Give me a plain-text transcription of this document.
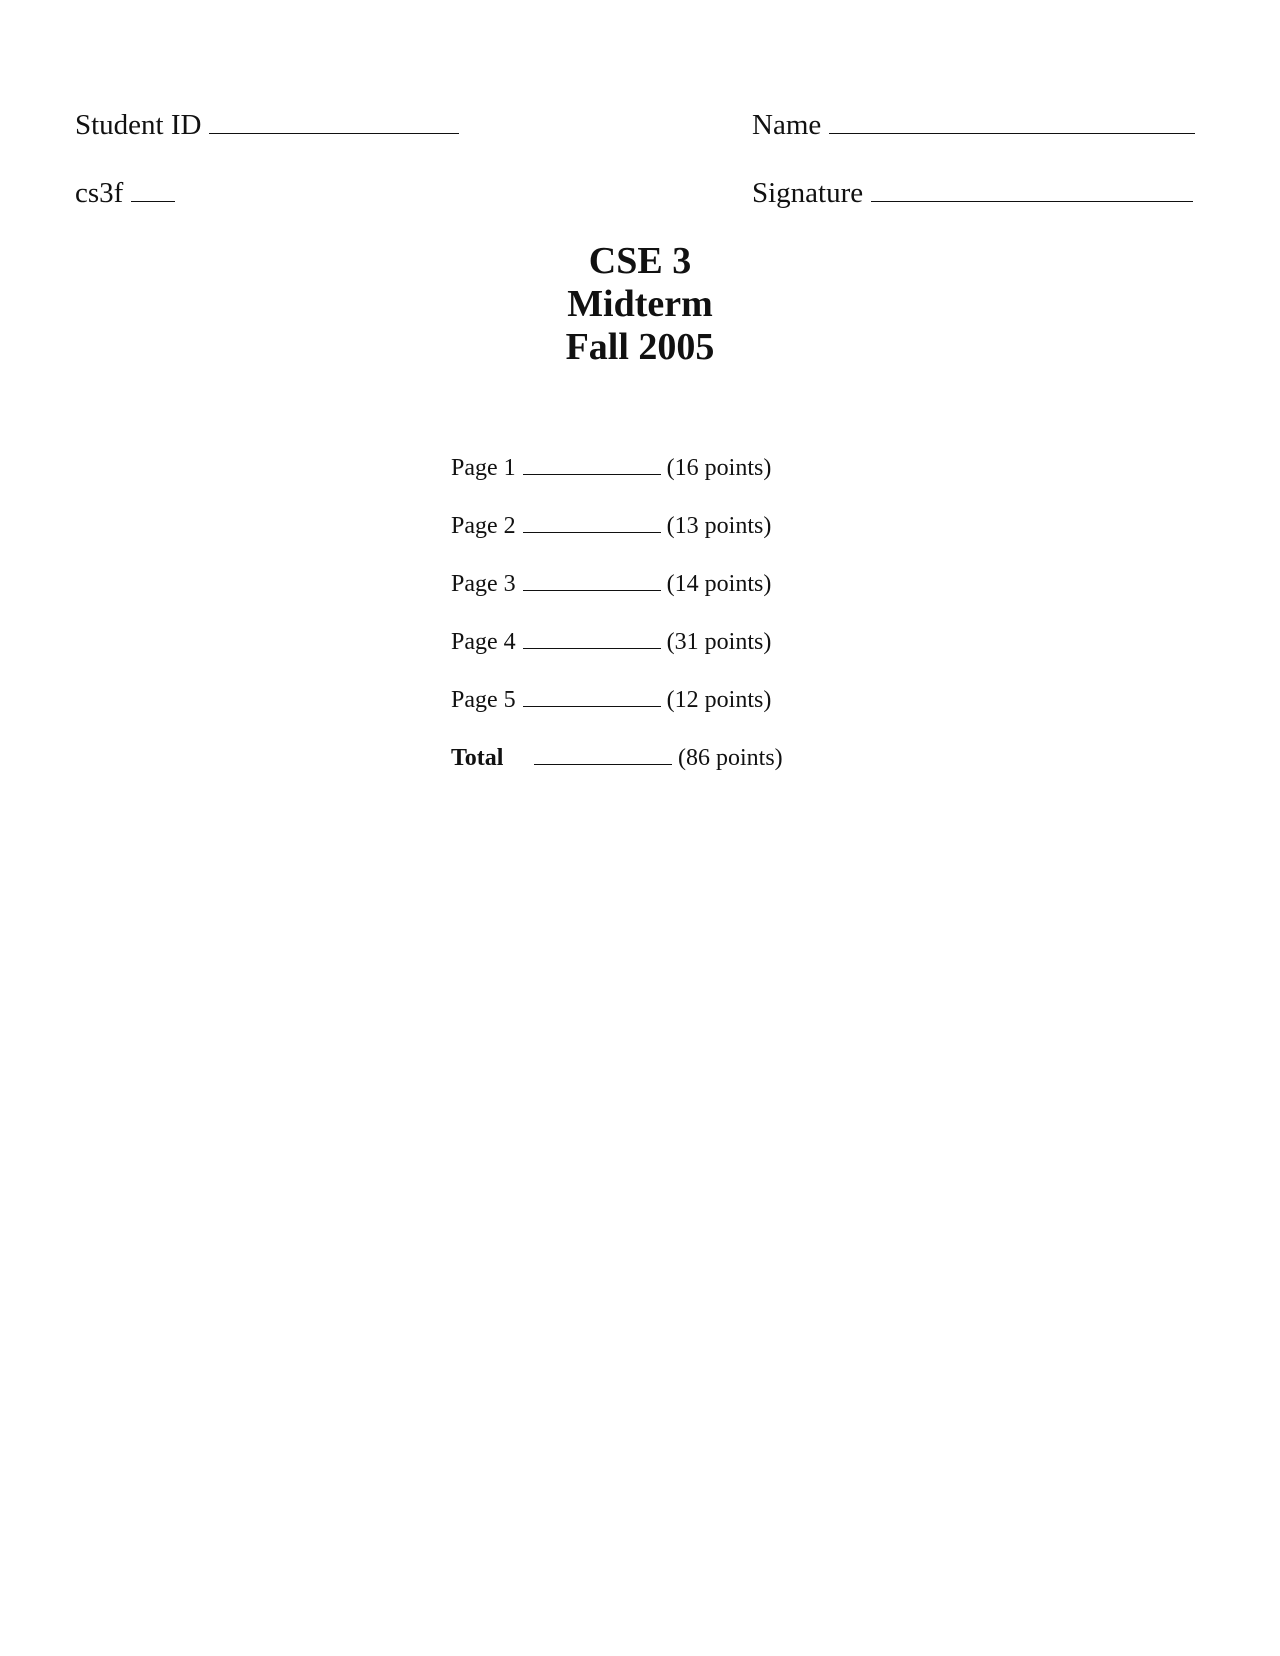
Student ID	Name
cs3f	Signature
CSE 3
Midterm
Fall 2005
Page 1	(16 points)
Page 2	(13 points)
Page 3	(14 points)
Page 4	(31 points)
Page 5	(12 points)
Total	(86 points)
